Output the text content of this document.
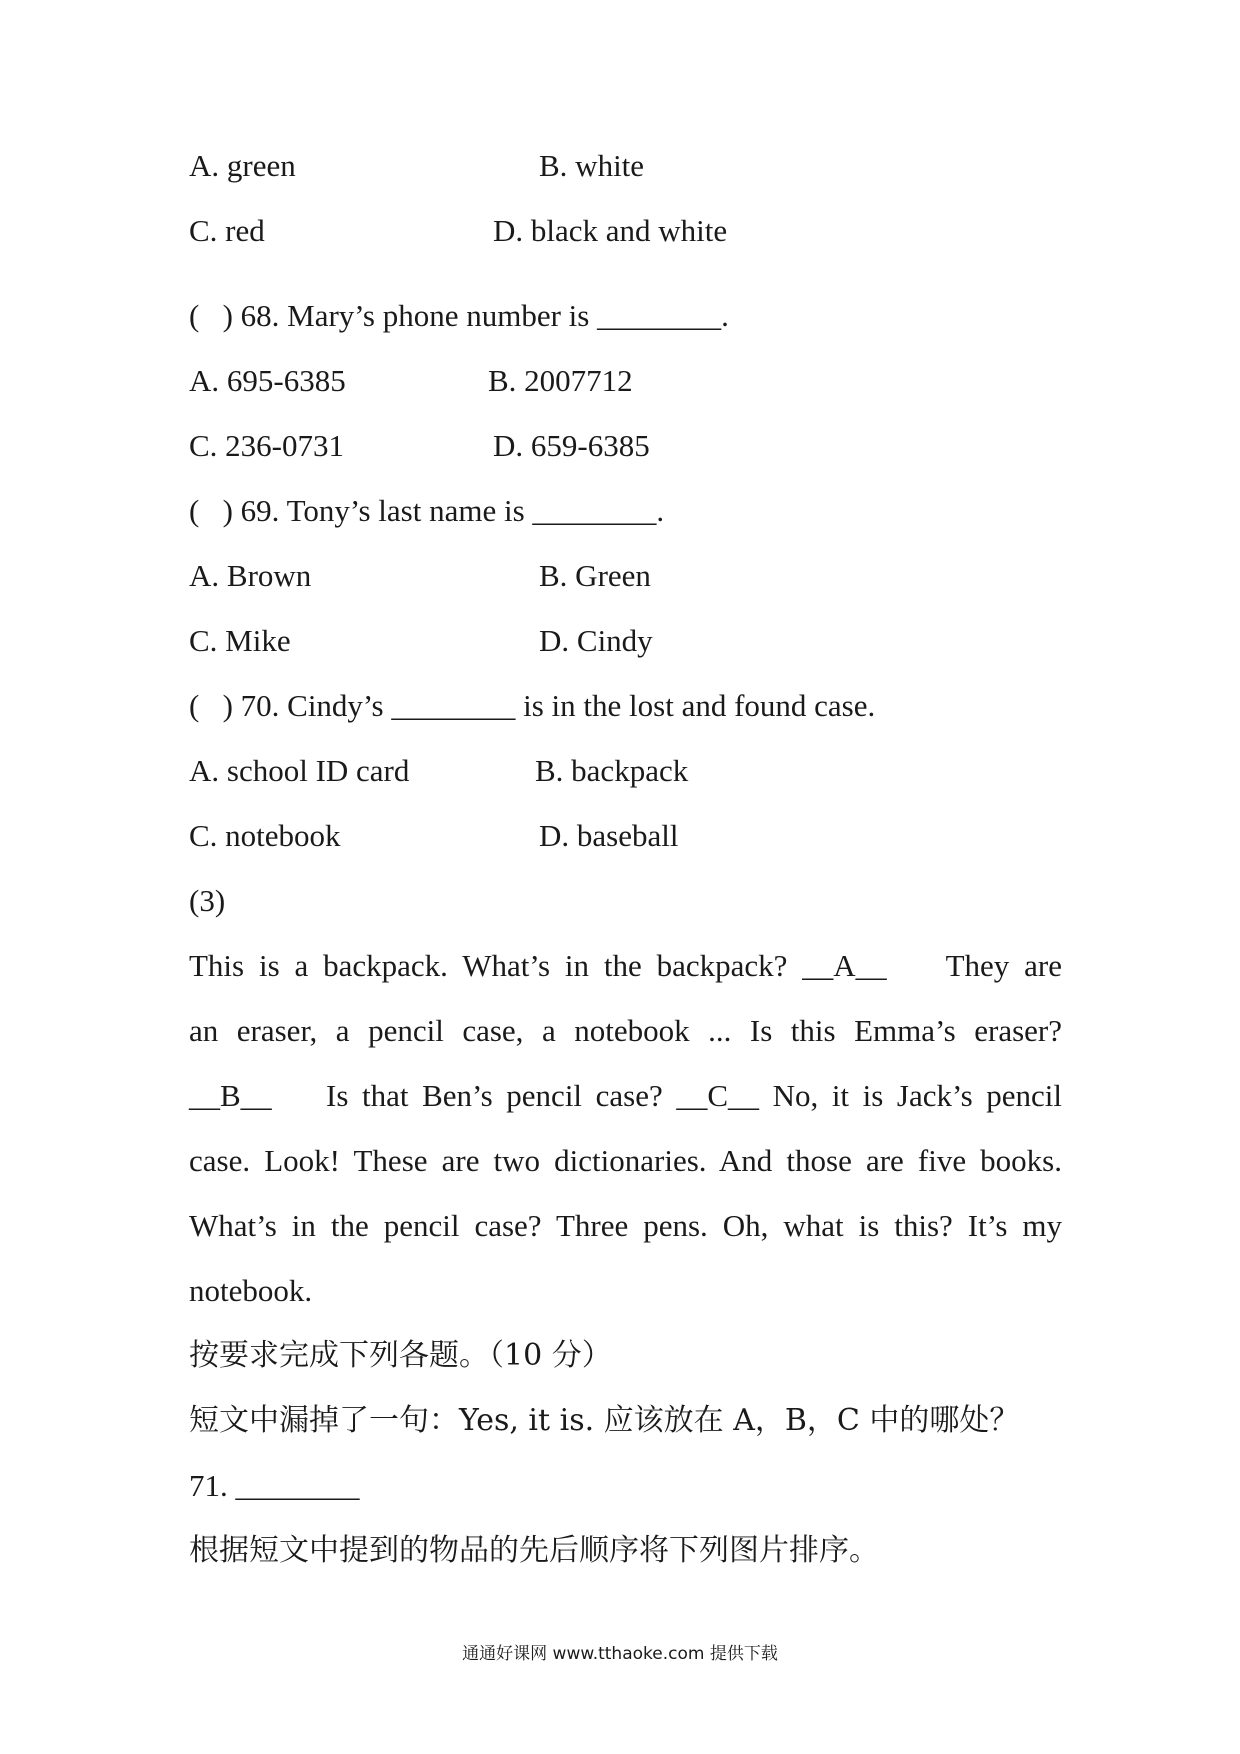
A. green	B. white
C. red	D. black and white
(   ) 68. Mary’s phone number is ________.
A. 695-6385	B. 2007712
C. 236-0731	D. 659-6385
(   ) 69. Tony’s last name is ________.
A. Brown	B. Green
C. Mike	D. Cindy
(   ) 70. Cindy’s ________ is in the lost and found case.
A. school ID card	B. backpack
C. notebook	D. baseball
(3)
This is a backpack. What’s in the backpack? __A__    They are
an eraser, a pencil case, a notebook ... Is this Emma’s eraser?
__B__    Is that Ben’s pencil case? __C__ No, it is Jack’s pencil
case. Look! These are two dictionaries. And those are five books.
What’s in the pencil case? Three pens. Oh, what is this? It’s my
notebook.
按要求完成下列各题。（10 分）
短文中漏掉了一句：Yes, it is. 应该放在 A，B，C 中的哪处？
71. ________
根据短文中提到的物品的先后顺序将下列图片排序。
通通好课网 www.tthaoke.com 提供下载
